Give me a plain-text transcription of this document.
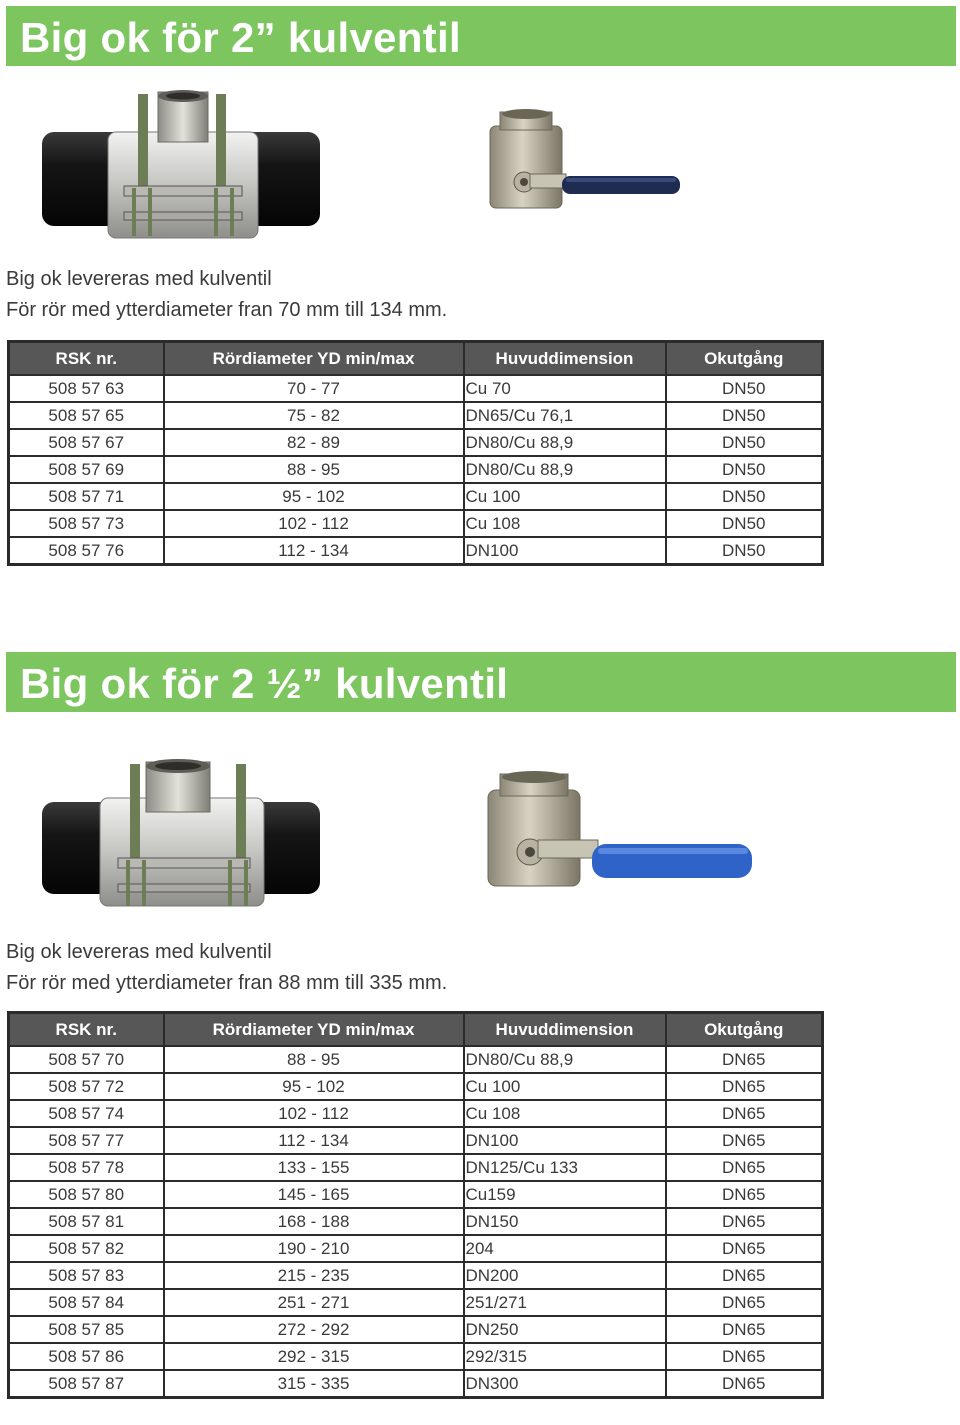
Big ok för 2” kulventil
Big ok levereras med kulventil
För rör med ytterdiameter fran 70 mm till 134 mm.
RSK nr.	Rördiameter YD min/max	Huvuddimension	Okutgång
508 57 63	70 - 77	Cu 70	DN50
508 57 65	75 - 82	DN65/Cu 76,1	DN50
508 57 67	82 - 89	DN80/Cu 88,9	DN50
508 57 69	88 - 95	DN80/Cu 88,9	DN50
508 57 71	95 - 102	Cu 100	DN50
508 57 73	102 - 112	Cu 108	DN50
508 57 76	112 - 134	DN100	DN50
Big ok för 2 ½” kulventil
Big ok levereras med kulventil
För rör med ytterdiameter fran 88 mm till 335 mm.
RSK nr.	Rördiameter YD min/max	Huvuddimension	Okutgång
508 57 70	88 - 95	DN80/Cu 88,9	DN65
508 57 72	95 - 102	Cu 100	DN65
508 57 74	102 - 112	Cu 108	DN65
508 57 77	112 - 134	DN100	DN65
508 57 78	133 - 155	DN125/Cu 133	DN65
508 57 80	145 - 165	Cu159	DN65
508 57 81	168 - 188	DN150	DN65
508 57 82	190 - 210	204	DN65
508 57 83	215 - 235	DN200	DN65
508 57 84	251 - 271	251/271	DN65
508 57 85	272 - 292	DN250	DN65
508 57 86	292 - 315	292/315	DN65
508 57 87	315 - 335	DN300	DN65
